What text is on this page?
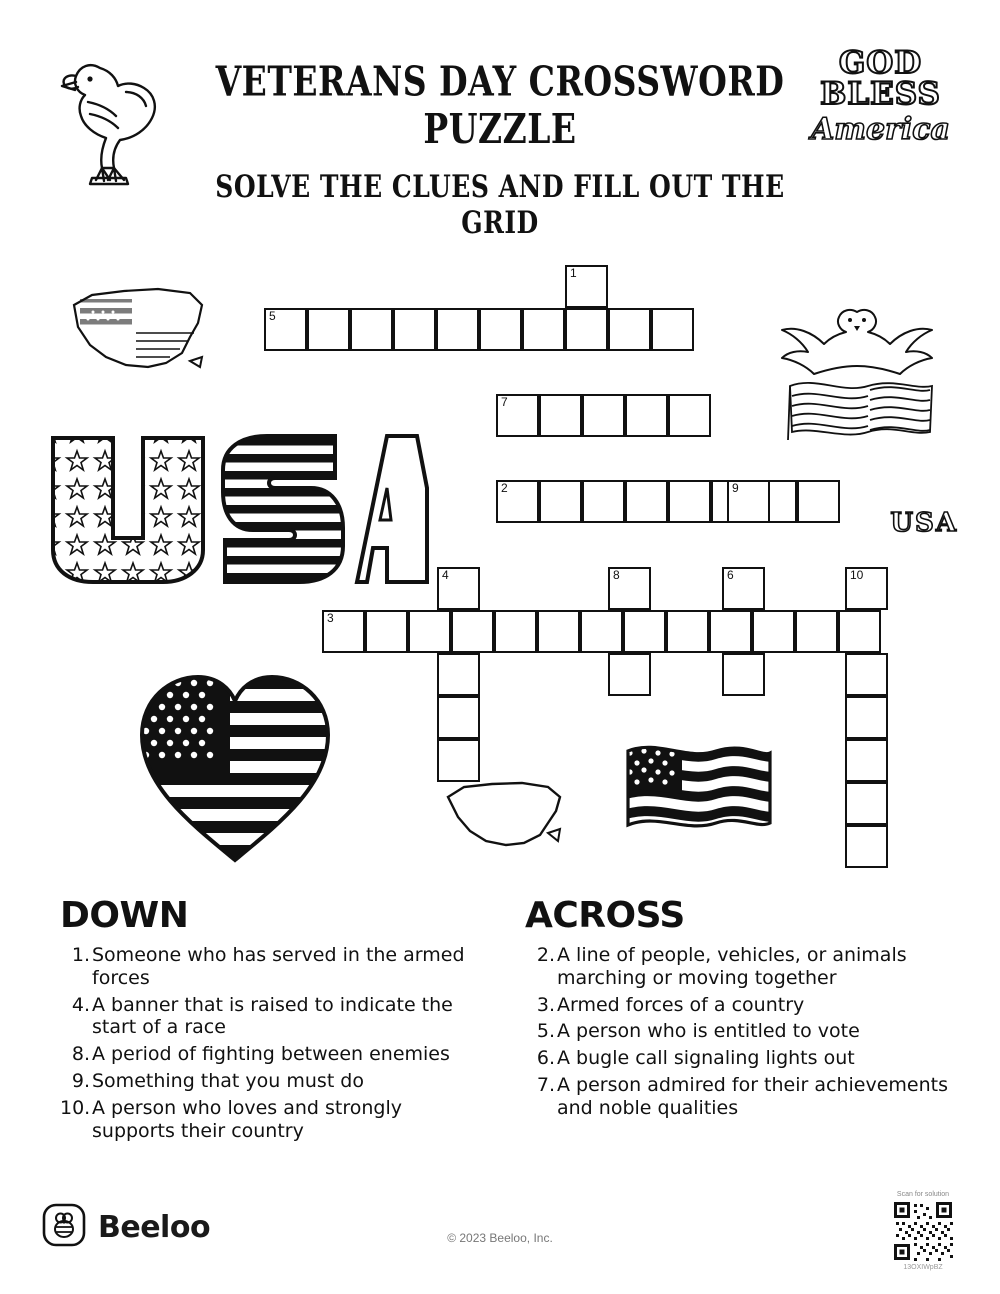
VETERANS DAY CROSSWORD PUZZLE
SOLVE THE CLUES AND FILL OUT THE GRID
GOD
BLESS
America
USA
5
1
7
2	9
4	8	6	10
3
DOWN
1. Someone who has served in the armed forces
4. A banner that is raised to indicate the start of a race
8. A period of fighting between enemies
9. Something that you must do
10. A person who loves and strongly supports their country
ACROSS
2. A line of people, vehicles, or animals marching or moving together
3. Armed forces of a country
5. A person who is entitled to vote
6. A bugle call signaling lights out
7. A person admired for their achievements and noble qualities
Beeloo	© 2023 Beeloo, Inc.
Scan for solution
13OXIWpBZ
